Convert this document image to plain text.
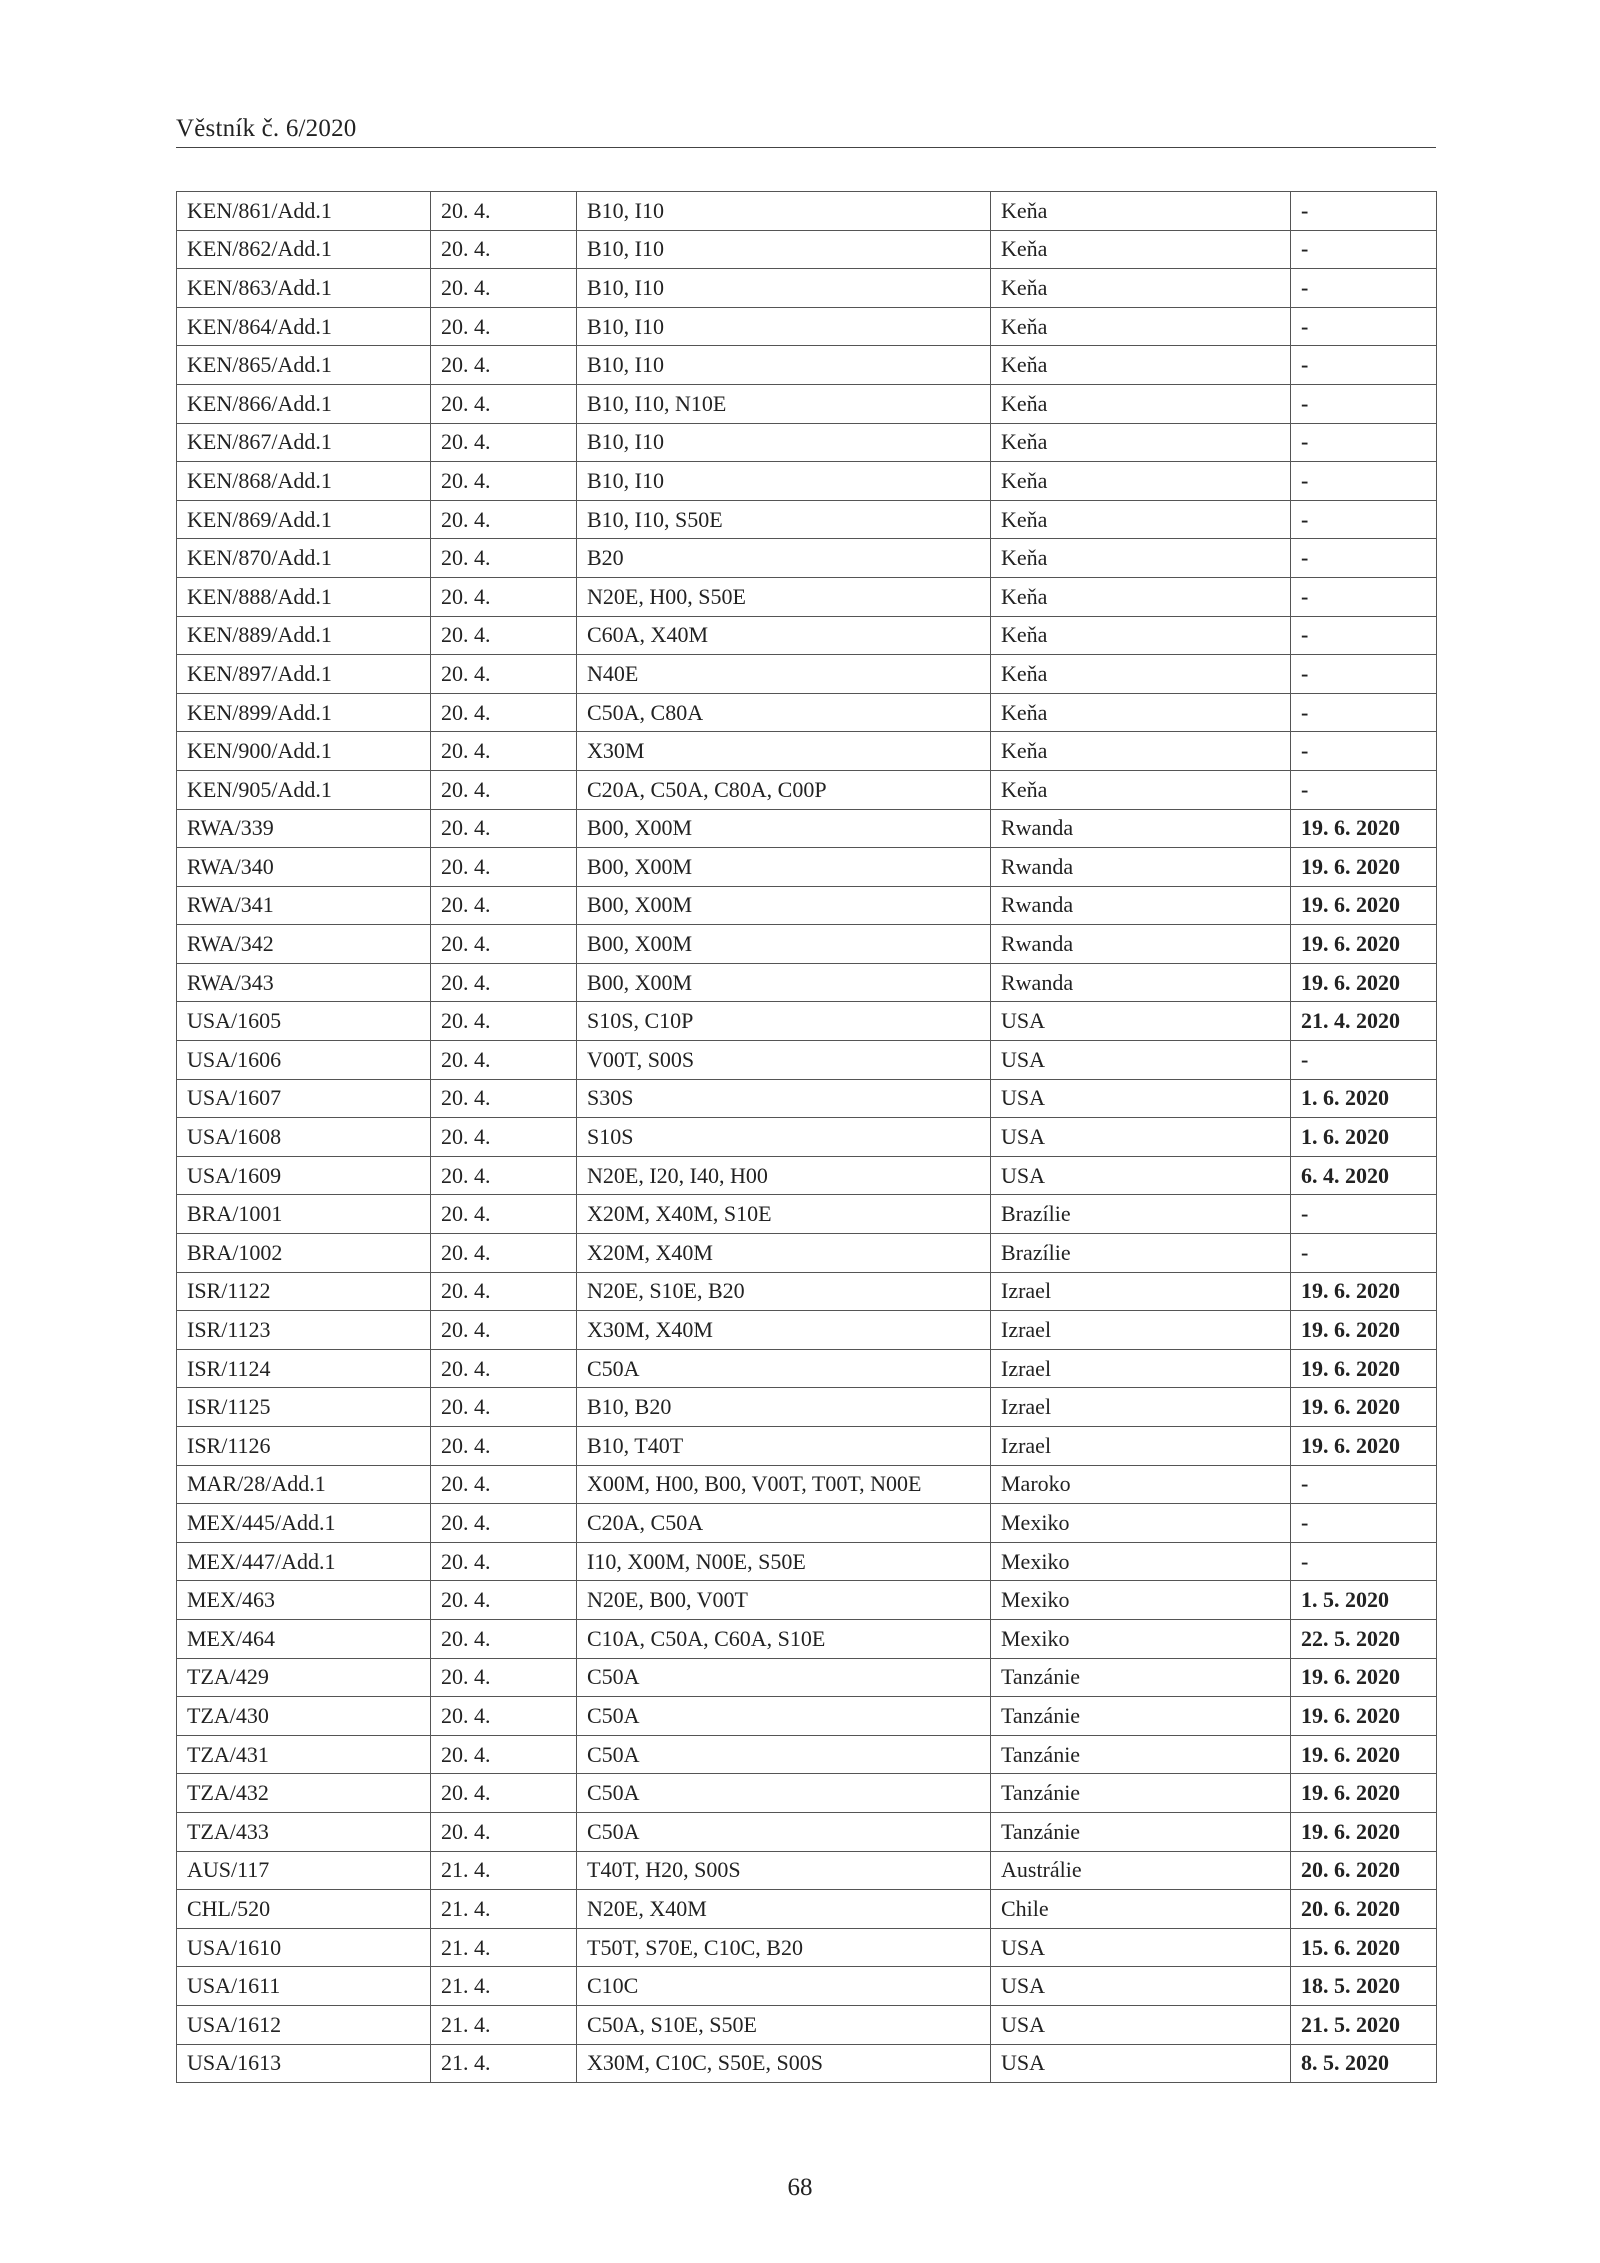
Věstník č. 6/2020
KEN/861/Add.1	20. 4.	B10, I10	Keňa	-
KEN/862/Add.1	20. 4.	B10, I10	Keňa	-
KEN/863/Add.1	20. 4.	B10, I10	Keňa	-
KEN/864/Add.1	20. 4.	B10, I10	Keňa	-
KEN/865/Add.1	20. 4.	B10, I10	Keňa	-
KEN/866/Add.1	20. 4.	B10, I10, N10E	Keňa	-
KEN/867/Add.1	20. 4.	B10, I10	Keňa	-
KEN/868/Add.1	20. 4.	B10, I10	Keňa	-
KEN/869/Add.1	20. 4.	B10, I10, S50E	Keňa	-
KEN/870/Add.1	20. 4.	B20	Keňa	-
KEN/888/Add.1	20. 4.	N20E, H00, S50E	Keňa	-
KEN/889/Add.1	20. 4.	C60A, X40M	Keňa	-
KEN/897/Add.1	20. 4.	N40E	Keňa	-
KEN/899/Add.1	20. 4.	C50A, C80A	Keňa	-
KEN/900/Add.1	20. 4.	X30M	Keňa	-
KEN/905/Add.1	20. 4.	C20A, C50A, C80A, C00P	Keňa	-
RWA/339	20. 4.	B00, X00M	Rwanda	19. 6. 2020
RWA/340	20. 4.	B00, X00M	Rwanda	19. 6. 2020
RWA/341	20. 4.	B00, X00M	Rwanda	19. 6. 2020
RWA/342	20. 4.	B00, X00M	Rwanda	19. 6. 2020
RWA/343	20. 4.	B00, X00M	Rwanda	19. 6. 2020
USA/1605	20. 4.	S10S, C10P	USA	21. 4. 2020
USA/1606	20. 4.	V00T, S00S	USA	-
USA/1607	20. 4.	S30S	USA	1. 6. 2020
USA/1608	20. 4.	S10S	USA	1. 6. 2020
USA/1609	20. 4.	N20E, I20, I40, H00	USA	6. 4. 2020
BRA/1001	20. 4.	X20M, X40M, S10E	Brazílie	-
BRA/1002	20. 4.	X20M, X40M	Brazílie	-
ISR/1122	20. 4.	N20E, S10E, B20	Izrael	19. 6. 2020
ISR/1123	20. 4.	X30M, X40M	Izrael	19. 6. 2020
ISR/1124	20. 4.	C50A	Izrael	19. 6. 2020
ISR/1125	20. 4.	B10, B20	Izrael	19. 6. 2020
ISR/1126	20. 4.	B10, T40T	Izrael	19. 6. 2020
MAR/28/Add.1	20. 4.	X00M, H00, B00, V00T, T00T, N00E	Maroko	-
MEX/445/Add.1	20. 4.	C20A, C50A	Mexiko	-
MEX/447/Add.1	20. 4.	I10, X00M, N00E, S50E	Mexiko	-
MEX/463	20. 4.	N20E, B00, V00T	Mexiko	1. 5. 2020
MEX/464	20. 4.	C10A, C50A, C60A, S10E	Mexiko	22. 5. 2020
TZA/429	20. 4.	C50A	Tanzánie	19. 6. 2020
TZA/430	20. 4.	C50A	Tanzánie	19. 6. 2020
TZA/431	20. 4.	C50A	Tanzánie	19. 6. 2020
TZA/432	20. 4.	C50A	Tanzánie	19. 6. 2020
TZA/433	20. 4.	C50A	Tanzánie	19. 6. 2020
AUS/117	21. 4.	T40T, H20, S00S	Austrálie	20. 6. 2020
CHL/520	21. 4.	N20E, X40M	Chile	20. 6. 2020
USA/1610	21. 4.	T50T, S70E, C10C, B20	USA	15. 6. 2020
USA/1611	21. 4.	C10C	USA	18. 5. 2020
USA/1612	21. 4.	C50A, S10E, S50E	USA	21. 5. 2020
USA/1613	21. 4.	X30M, C10C, S50E, S00S	USA	8. 5. 2020
68
